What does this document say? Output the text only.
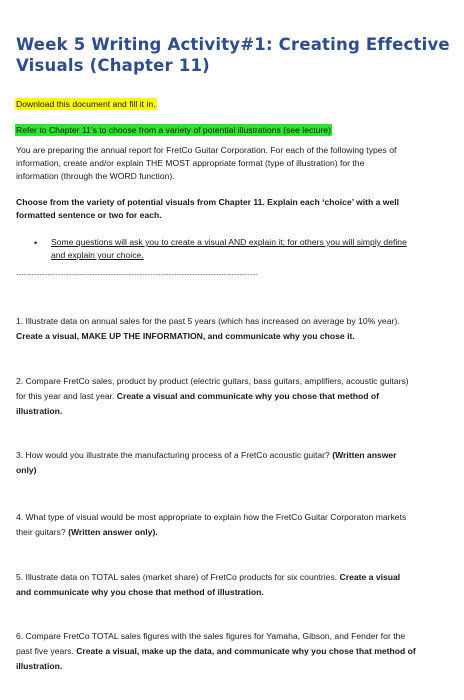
Week 5 Writing Activity#1: Creating Effective
Visuals (Chapter 11)
Download this document and fill it in.
Refer to Chapter 11’s to choose from a variety of potential illustrations (see lecture)
You are preparing the annual report for FretCo Guitar Corporation. For each of the following types of
information, create and/or explain THE MOST appropriate format (type of illustration) for the
information (through the WORD function).
Choose from the variety of potential visuals from Chapter 11. Explain each ‘choice’ with a well
formatted sentence or two for each.
• Some questions will ask you to create a visual AND explain it; for others you will simply define
and explain your choice.
--------------------------------------------------------------------------------------------
1. Illustrate data on annual sales for the past 5 years (which has increased on average by 10% year).
Create a visual, MAKE UP THE INFORMATION, and communicate why you chose it.
2. Compare FretCo sales, product by product (electric guitars, bass guitars, amplifiers, acoustic guitars)
for this year and last year. Create a visual and communicate why you chose that method of
illustration.
3. How would you illustrate the manufacturing process of a FretCo acoustic guitar? (Written answer
only)
4. What type of visual would be most appropriate to explain how the FretCo Guitar Corporaton markets
their guitars? (Written answer only).
5. Illustrate data on TOTAL sales (market share) of FretCo products for six countries. Create a visual
and communicate why you chose that method of illustration.
6. Compare FretCo TOTAL sales figures with the sales figures for Yamaha, Gibson, and Fender for the
past five years. Create a visual, make up the data, and communicate why you chose that method of
illustration.
